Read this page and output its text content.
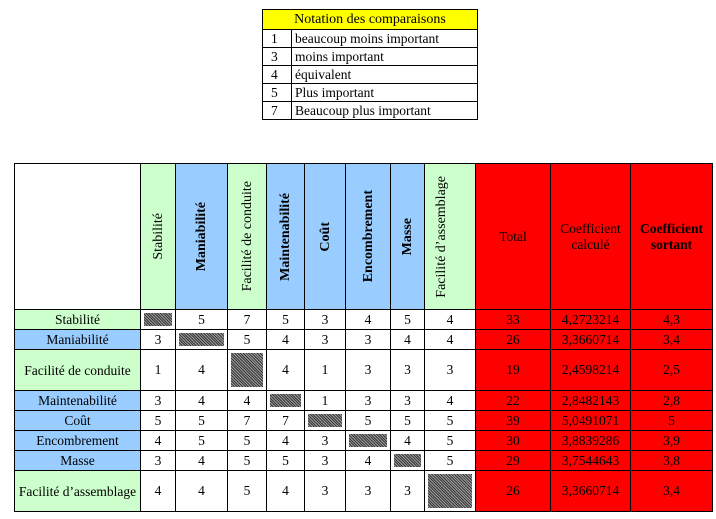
Notation des comparaisons	
1	beaucoup moins important
3	moins important
4	équivalent
5	Plus important
7	Beaucoup plus important

	Stabilité	Maniabilité	Facilité de conduite	Maintenabilité	Coût	Encombrement	Masse	Facilité d’assemblage	Total	Coefficient calculé	Coefficient sortant
Stabilité		5	7	5	3	4	5	4	33	4,2723214	4,3
Maniabilité	3		5	4	3	3	4	4	26	3,3660714	3,4
Facilité de conduite	1	4		4	1	3	3	3	19	2,4598214	2,5
Maintenabilité	3	4	4		1	3	3	4	22	2,8482143	2,8
Coût	5	5	7	7		5	5	5	39	5,0491071	5
Encombrement	4	5	5	4	3		4	5	30	3,8839286	3,9
Masse	3	4	5	5	3	4		5	29	3,7544643	3,8
Facilité d’assemblage	4	4	5	4	3	3	3		26	3,3660714	3,4
